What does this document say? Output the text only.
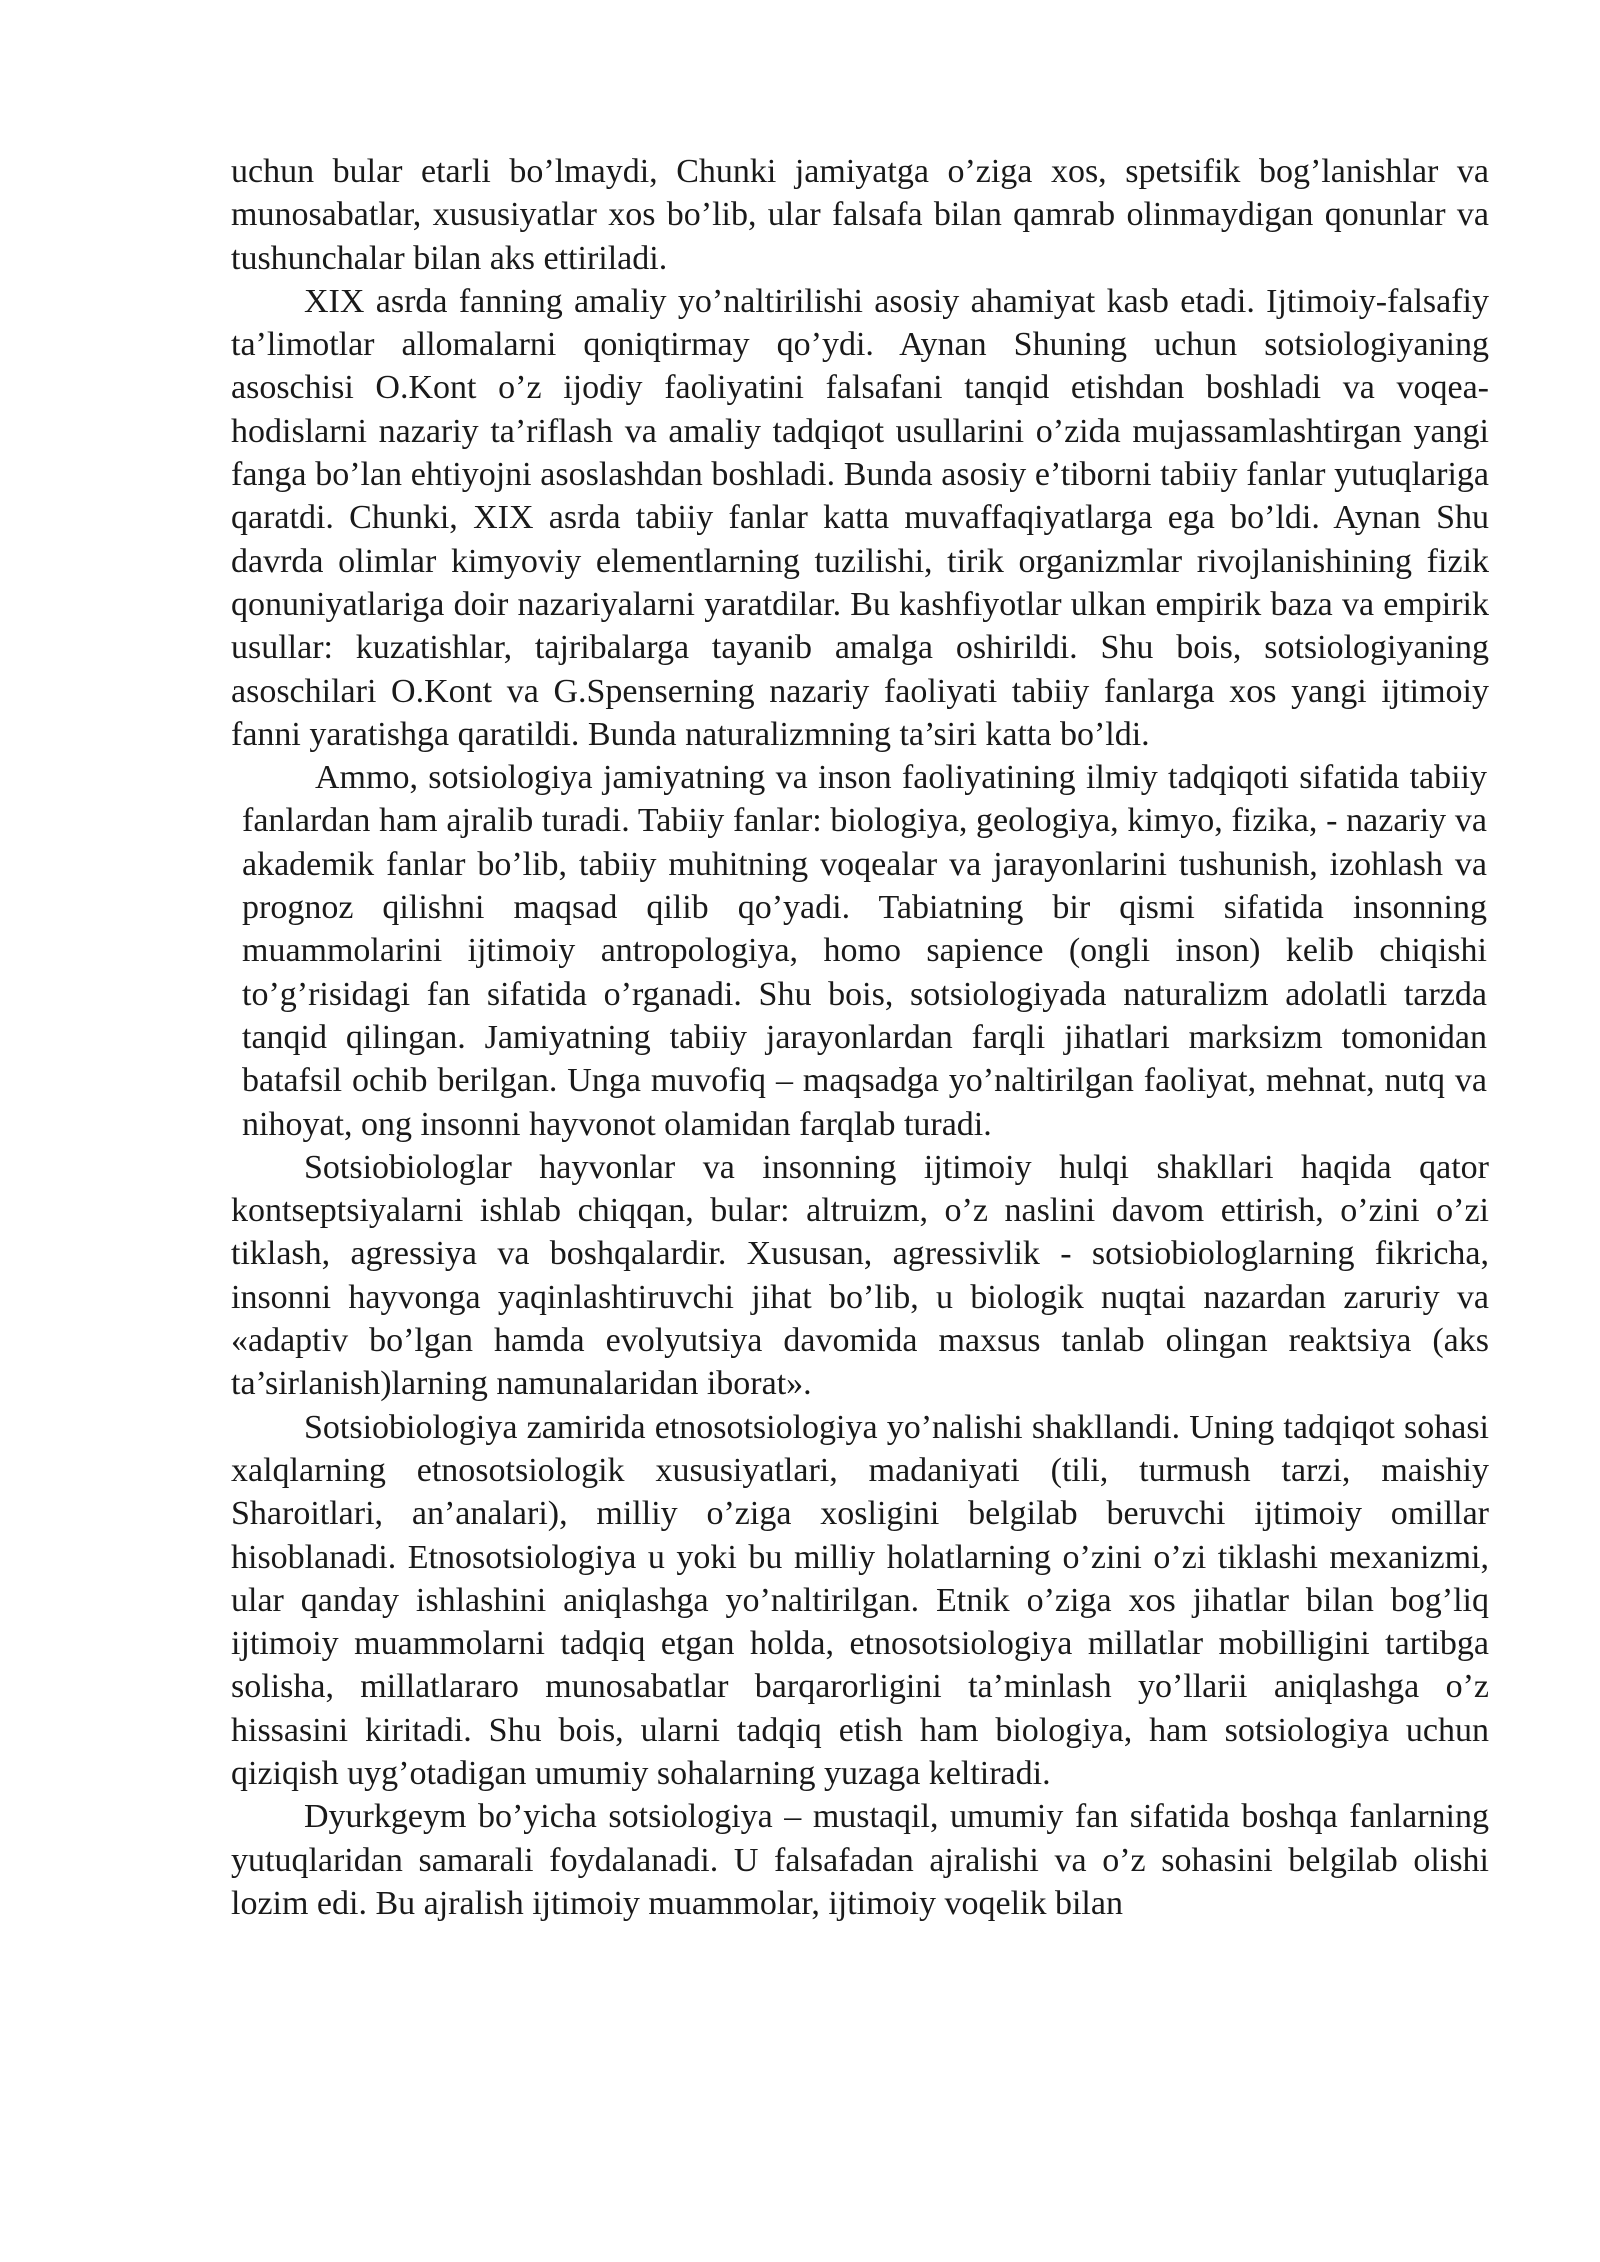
uchun bular etarli bo’lmaydi, Chunki jamiyatga o’ziga xos, spetsifik bog’lanishlar va munosabatlar, xususiyatlar xos bo’lib, ular falsafa bilan qamrab olinmaydigan qonunlar va tushunchalar bilan aks ettiriladi.

XIX asrda fanning amaliy yo’naltirilishi asosiy ahamiyat kasb etadi. Ijtimoiy-falsafiy ta’limotlar allomalarni qoniqtirmay qo’ydi. Aynan Shuning uchun sotsiologiyaning asoschisi O.Kont o’z ijodiy faoliyatini falsafani tanqid etishdan boshladi va voqea-hodislarni nazariy ta’riflash va amaliy tadqiqot usullarini o’zida mujassamlashtirgan yangi fanga bo’lan ehtiyojni asoslashdan boshladi. Bunda asosiy e’tiborni tabiiy fanlar yutuqlariga qaratdi. Chunki, XIX asrda tabiiy fanlar katta muvaffaqiyatlarga ega bo’ldi. Aynan Shu davrda olimlar kimyoviy elementlarning tuzilishi, tirik organizmlar rivojlanishining fizik qonuniyatlariga doir nazariyalarni yaratdilar. Bu kashfiyotlar ulkan empirik baza va empirik usullar: kuzatishlar, tajribalarga tayanib amalga oshirildi. Shu bois, sotsiologiyaning asoschilari O.Kont va G.Spenserning nazariy faoliyati tabiiy fanlarga xos yangi ijtimoiy fanni yaratishga qaratildi. Bunda naturalizmning ta’siri katta bo’ldi.

Ammo, sotsiologiya jamiyatning va inson faoliyatining ilmiy tadqiqoti sifatida tabiiy fanlardan ham ajralib turadi. Tabiiy fanlar: biologiya, geologiya, kimyo, fizika, - nazariy va akademik fanlar bo’lib, tabiiy muhitning voqealar va jarayonlarini tushunish, izohlash va prognoz qilishni maqsad qilib qo’yadi. Tabiatning bir qismi sifatida insonning muammolarini ijtimoiy antropologiya, homo sapience (ongli inson) kelib chiqishi to’g’risidagi fan sifatida o’rganadi. Shu bois, sotsiologiyada naturalizm adolatli tarzda tanqid qilingan. Jamiyatning tabiiy jarayonlardan farqli jihatlari marksizm tomonidan batafsil ochib berilgan. Unga muvofiq – maqsadga yo’naltirilgan faoliyat, mehnat, nutq va nihoyat, ong insonni hayvonot olamidan farqlab turadi.

Sotsiobiologlar hayvonlar va insonning ijtimoiy hulqi shakllari haqida qator kontseptsiyalarni ishlab chiqqan, bular: altruizm, o’z naslini davom ettirish, o’zini o’zi tiklash, agressiya va boshqalardir. Xususan, agressivlik - sotsiobiologlarning fikricha, insonni hayvonga yaqinlashtiruvchi jihat bo’lib, u biologik nuqtai nazardan zaruriy va «adaptiv bo’lgan hamda evolyutsiya davomida maxsus tanlab olingan reaktsiya (aks ta’sirlanish)larning namunalaridan iborat».

Sotsiobiologiya zamirida etnosotsiologiya yo’nalishi shakllandi. Uning tadqiqot sohasi xalqlarning etnosotsiologik xususiyatlari, madaniyati (tili, turmush tarzi, maishiy Sharoitlari, an’analari), milliy o’ziga xosligini belgilab beruvchi ijtimoiy omillar hisoblanadi. Etnosotsiologiya u yoki bu milliy holatlarning o’zini o’zi tiklashi mexanizmi, ular qanday ishlashini aniqlashga yo’naltirilgan. Etnik o’ziga xos jihatlar bilan bog’liq ijtimoiy muammolarni tadqiq etgan holda, etnosotsiologiya millatlar mobilligini tartibga solisha, millatlararo munosabatlar barqarorligini ta’minlash yo’llarii aniqlashga o’z hissasini kiritadi. Shu bois, ularni tadqiq etish ham biologiya, ham sotsiologiya uchun qiziqish uyg’otadigan umumiy sohalarning yuzaga keltiradi.

Dyurkgeym bo’yicha sotsiologiya – mustaqil, umumiy fan sifatida boshqa fanlarning yutuqlaridan samarali foydalanadi. U falsafadan ajralishi va o’z sohasini belgilab olishi lozim edi. Bu ajralish ijtimoiy muammolar, ijtimoiy voqelik bilan
